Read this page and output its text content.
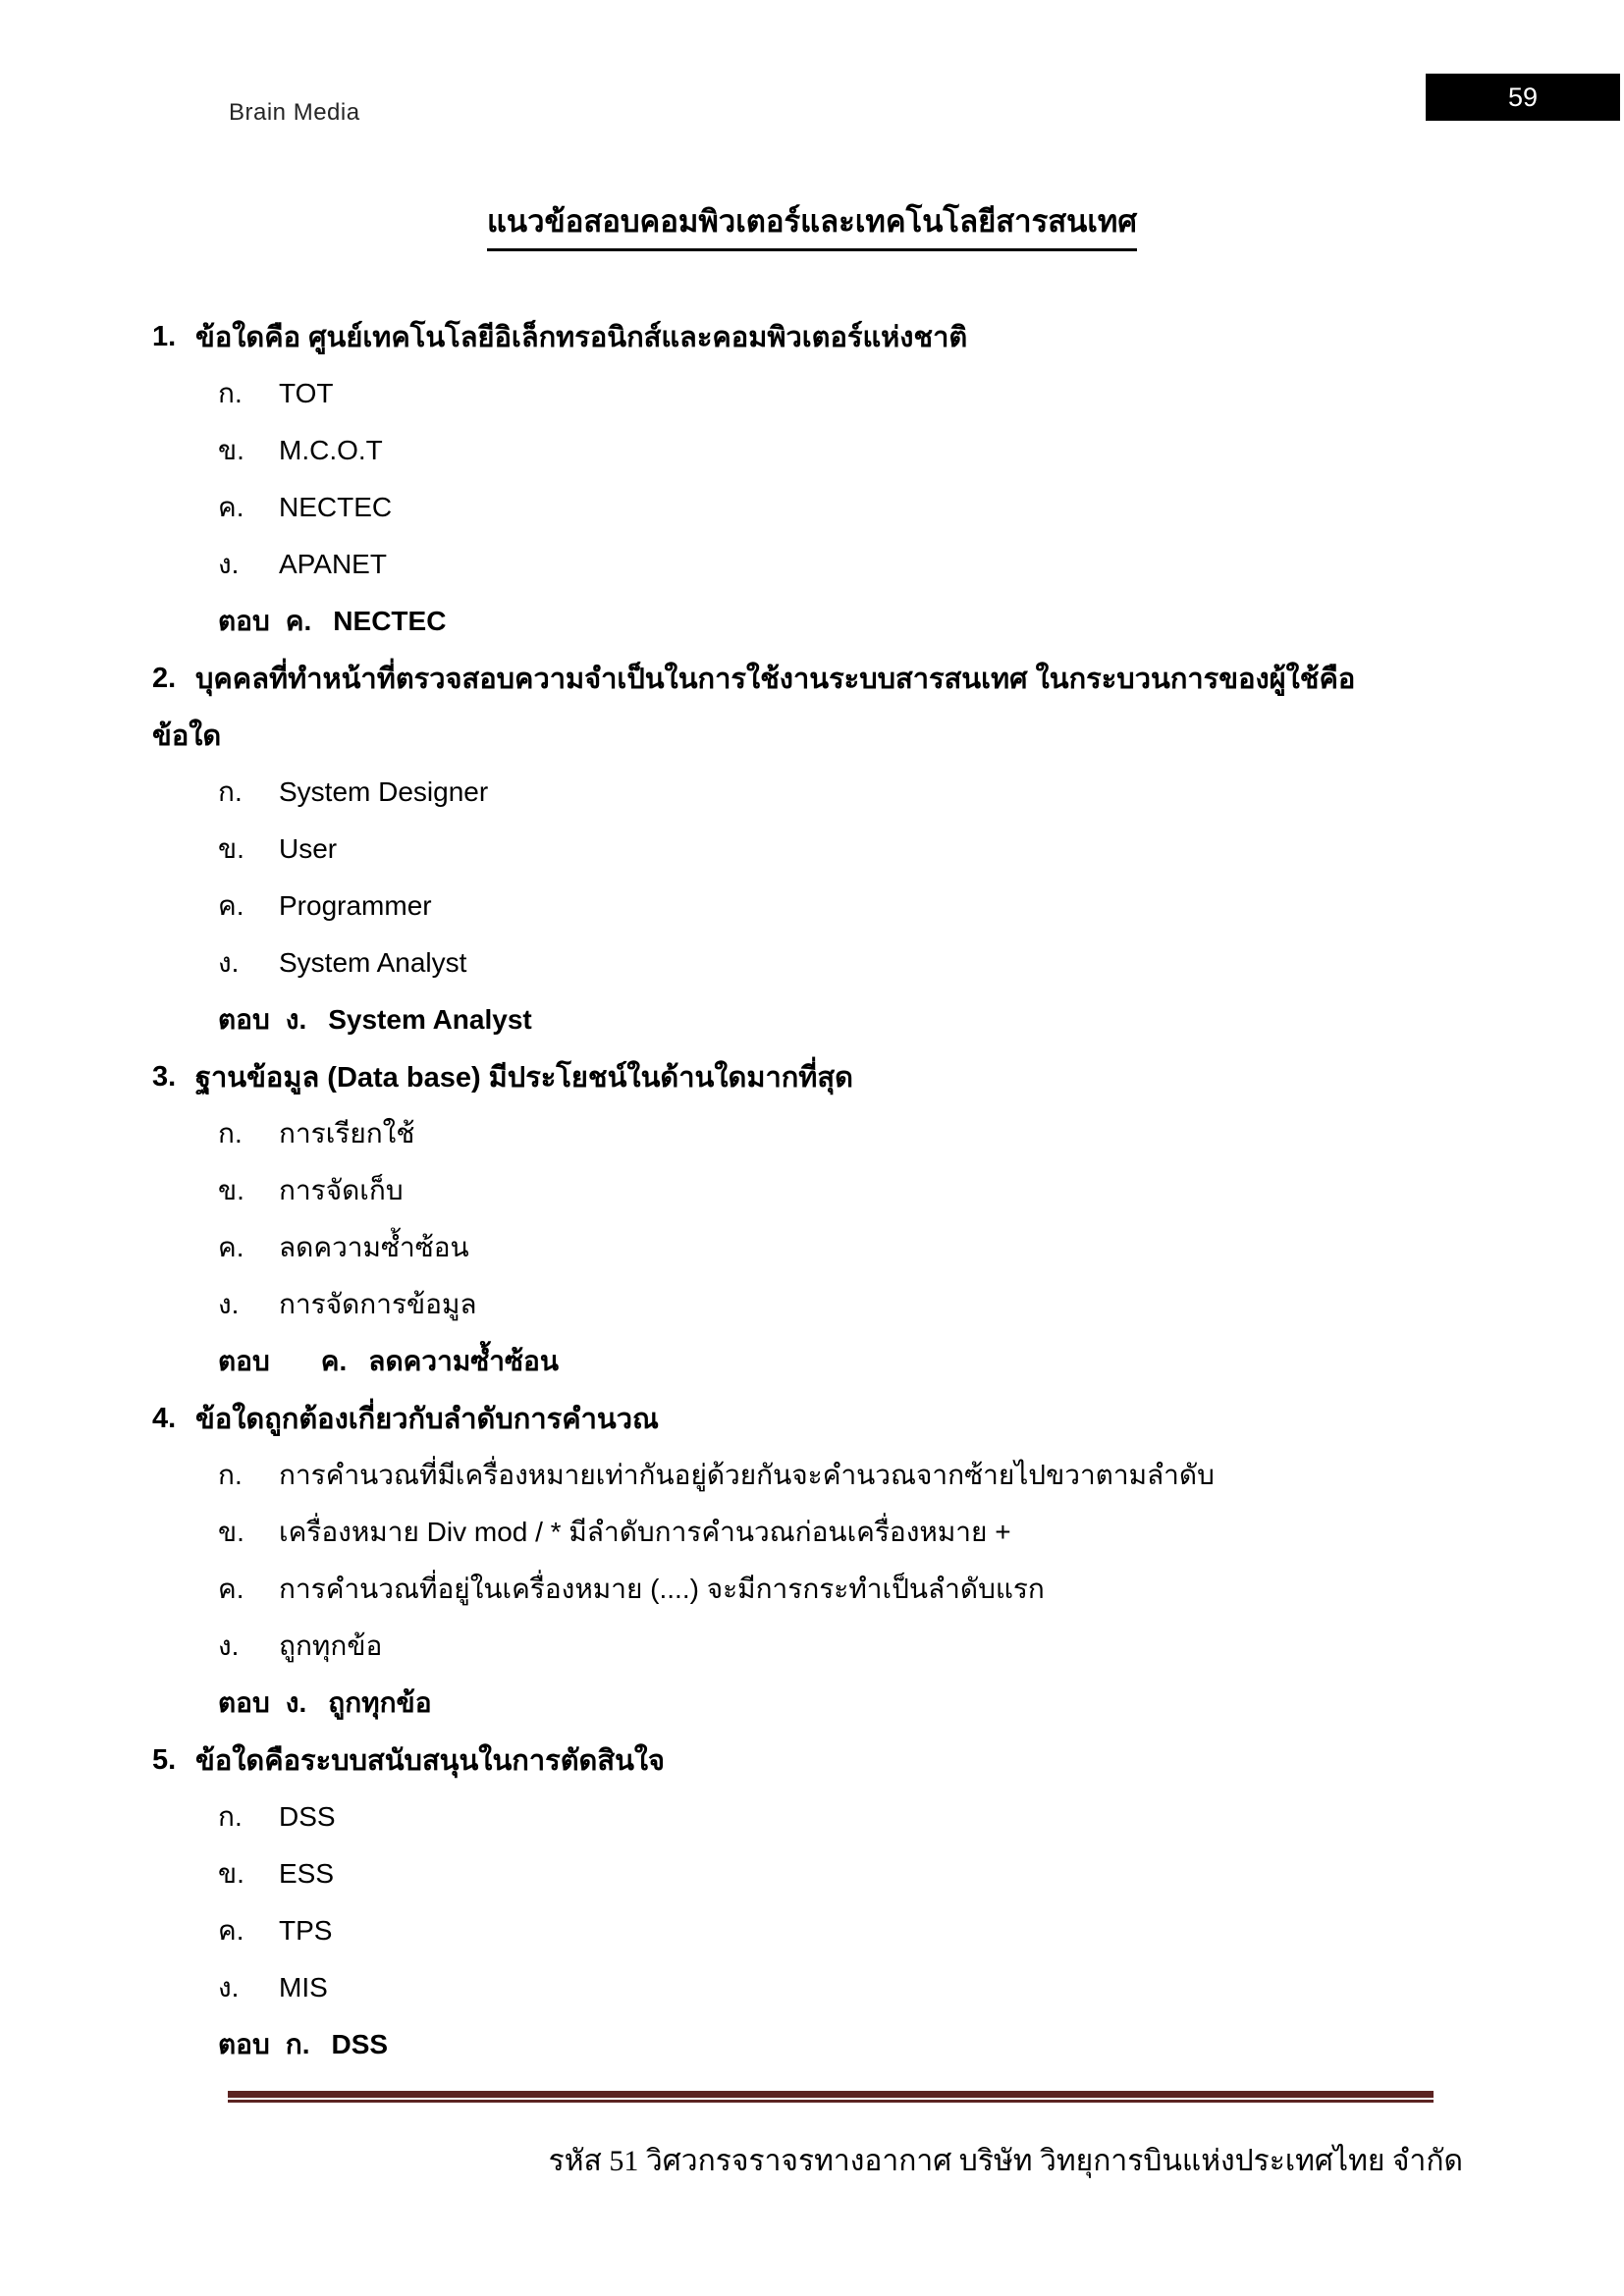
Brain Media
59
แนวข้อสอบคอมพิวเตอร์และเทคโนโลยีสารสนเทศ
1. ข้อใดคือ ศูนย์เทคโนโลยีอิเล็กทรอนิกส์และคอมพิวเตอร์แห่งชาติ
ก.	TOT
ข.	M.C.O.T
ค.	NECTEC
ง.	APANET
ตอบ ค. NECTEC
2. บุคคลที่ทำหน้าที่ตรวจสอบความจำเป็นในการใช้งานระบบสารสนเทศ ในกระบวนการของผู้ใช้คือ
ข้อใด
ก.	System Designer
ข.	User
ค.	Programmer
ง.	System Analyst
ตอบ ง. System Analyst
3. ฐานข้อมูล (Data base) มีประโยชน์ในด้านใดมากที่สุด
ก.	การเรียกใช้
ข.	การจัดเก็บ
ค.	ลดความซ้ำซ้อน
ง.	การจัดการข้อมูล
ตอบ ค. ลดความซ้ำซ้อน
4. ข้อใดถูกต้องเกี่ยวกับลำดับการคำนวณ
ก.	การคำนวณที่มีเครื่องหมายเท่ากันอยู่ด้วยกันจะคำนวณจากซ้ายไปขวาตามลำดับ
ข.	เครื่องหมาย Div mod / * มีลำดับการคำนวณก่อนเครื่องหมาย +
ค.	การคำนวณที่อยู่ในเครื่องหมาย (....) จะมีการกระทำเป็นลำดับแรก
ง.	ถูกทุกข้อ
ตอบ ง. ถูกทุกข้อ
5. ข้อใดคือระบบสนับสนุนในการตัดสินใจ
ก.	DSS
ข.	ESS
ค.	TPS
ง.	MIS
ตอบ ก. DSS
รหัส 51 วิศวกรจราจรทางอากาศ บริษัท วิทยุการบินแห่งประเทศไทย จำกัด
